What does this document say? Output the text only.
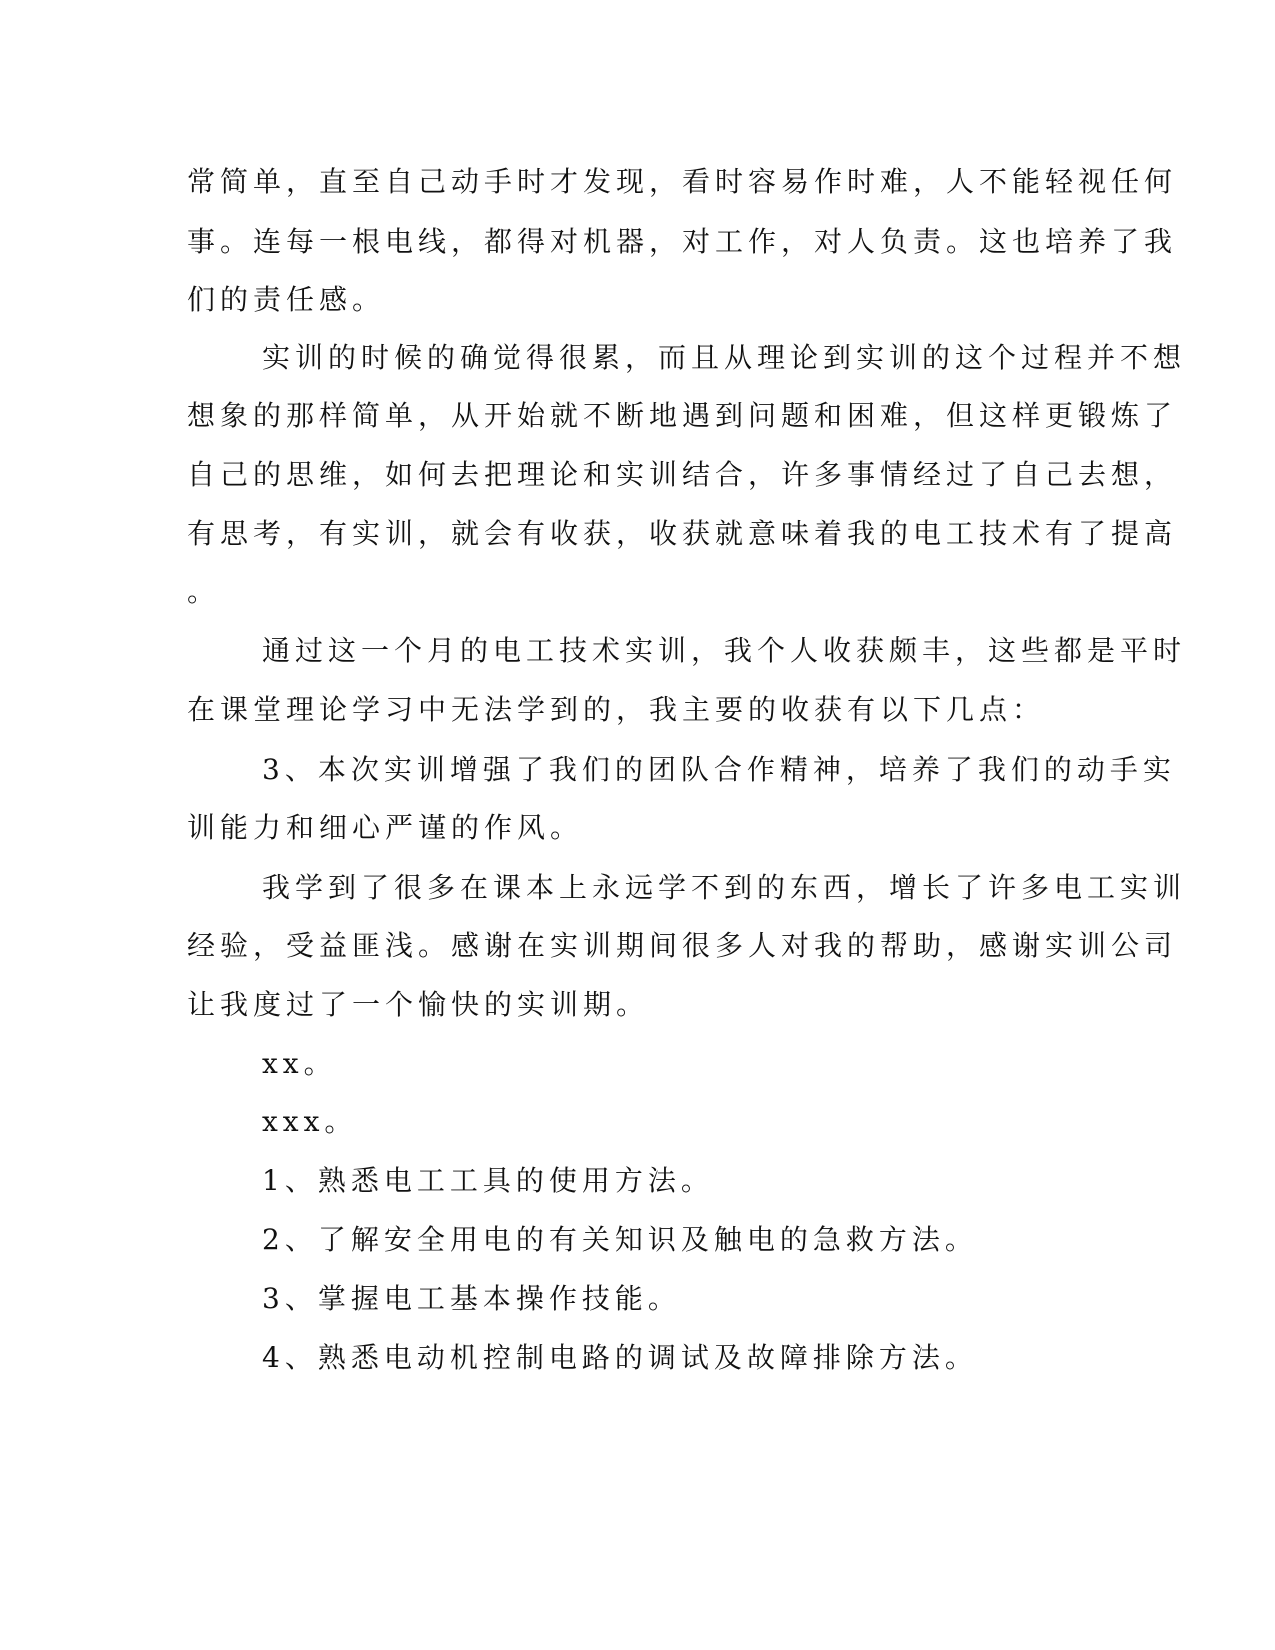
常简单，直至自己动手时才发现，看时容易作时难，人不能轻视任何
事。连每一根电线，都得对机器，对工作，对人负责。这也培养了我
们的责任感。
实训的时候的确觉得很累，而且从理论到实训的这个过程并不想
想象的那样简单，从开始就不断地遇到问题和困难，但这样更锻炼了
自己的思维，如何去把理论和实训结合，许多事情经过了自己去想，
有思考，有实训，就会有收获，收获就意味着我的电工技术有了提高
。
通过这一个月的电工技术实训，我个人收获颇丰，这些都是平时
在课堂理论学习中无法学到的，我主要的收获有以下几点：
3、本次实训增强了我们的团队合作精神，培养了我们的动手实
训能力和细心严谨的作风。
我学到了很多在课本上永远学不到的东西，增长了许多电工实训
经验，受益匪浅。感谢在实训期间很多人对我的帮助，感谢实训公司
让我度过了一个愉快的实训期。
xx。
xxx。
1、熟悉电工工具的使用方法。
2、了解安全用电的有关知识及触电的急救方法。
3、掌握电工基本操作技能。
4、熟悉电动机控制电路的调试及故障排除方法。
